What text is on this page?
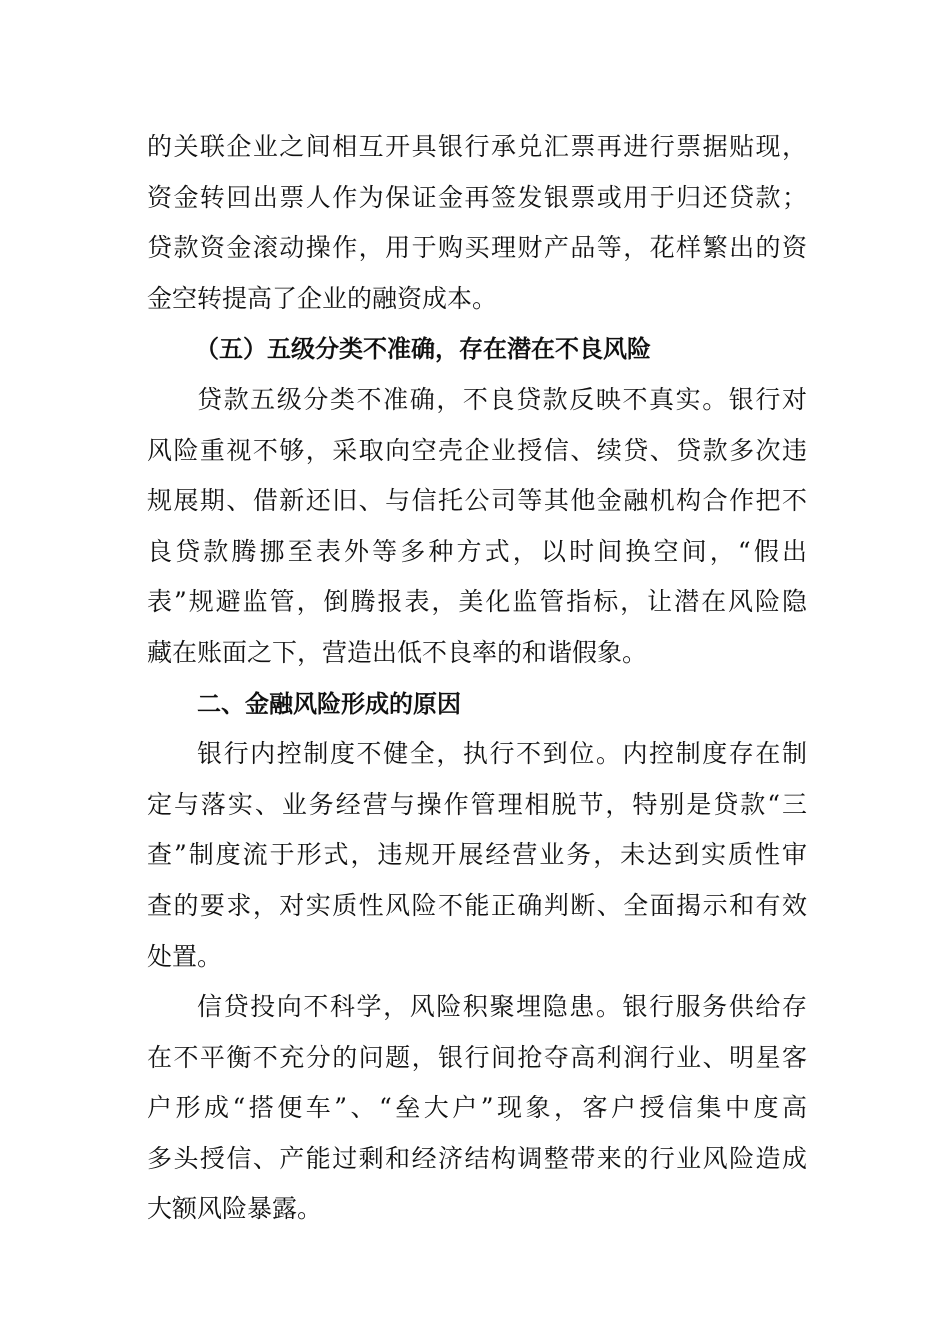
的关联企业之间相互开具银行承兑汇票再进行票据贴现，
资金转回出票人作为保证金再签发银票或用于归还贷款；
贷款资金滚动操作，用于购买理财产品等，花样繁出的资
金空转提高了企业的融资成本。
（五）五级分类不准确，存在潜在不良风险
贷款五级分类不准确，不良贷款反映不真实。银行对
风险重视不够，采取向空壳企业授信、续贷、贷款多次违
规展期、借新还旧、与信托公司等其他金融机构合作把不
良贷款腾挪至表外等多种方式，以时间换空间，“假出
表”规避监管，倒腾报表，美化监管指标，让潜在风险隐
藏在账面之下，营造出低不良率的和谐假象。
二、金融风险形成的原因
银行内控制度不健全，执行不到位。内控制度存在制
定与落实、业务经营与操作管理相脱节，特别是贷款“三
查”制度流于形式，违规开展经营业务，未达到实质性审
查的要求，对实质性风险不能正确判断、全面揭示和有效
处置。
信贷投向不科学，风险积聚埋隐患。银行服务供给存
在不平衡不充分的问题，银行间抢夺高利润行业、明星客
户形成“搭便车”、“垒大户”现象，客户授信集中度高
多头授信、产能过剩和经济结构调整带来的行业风险造成
大额风险暴露。
